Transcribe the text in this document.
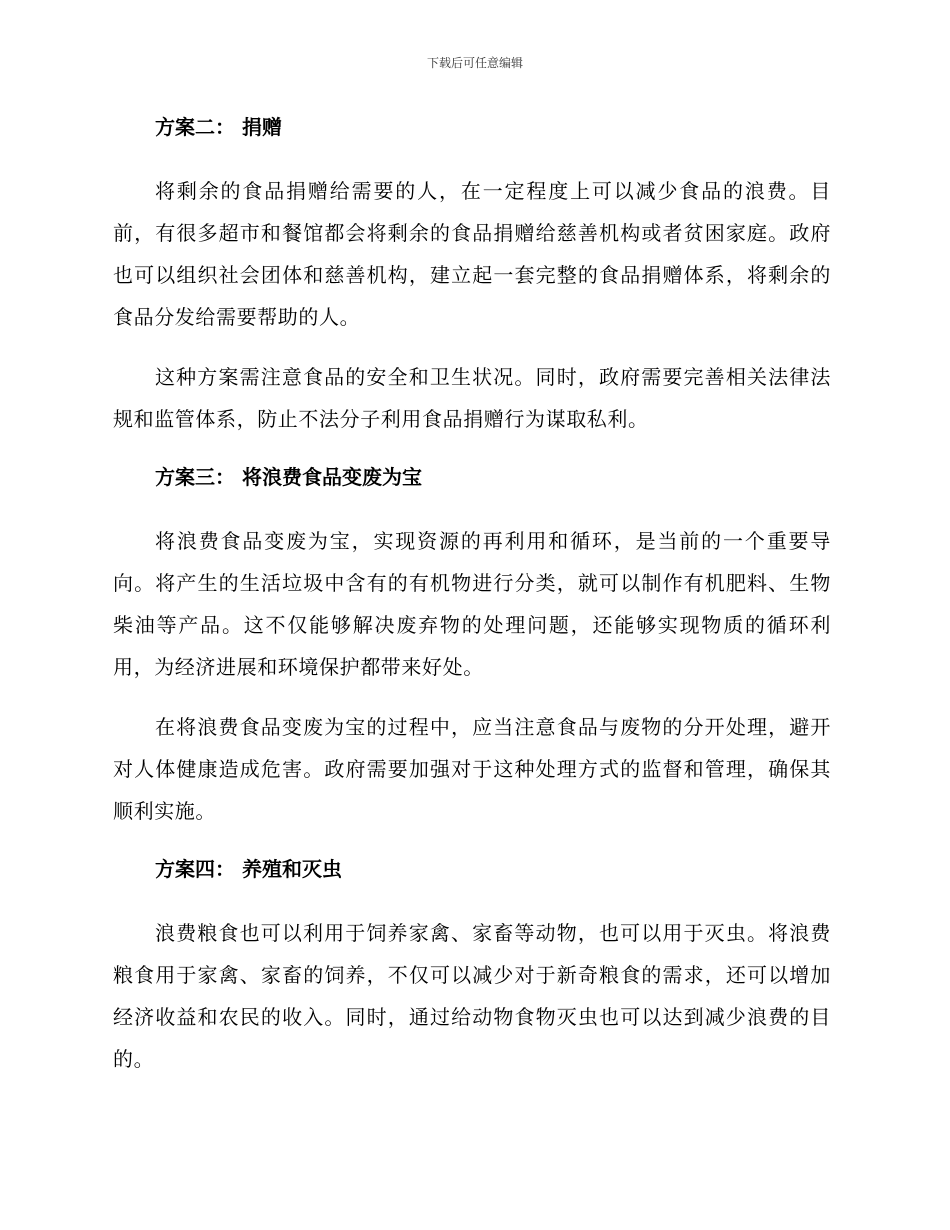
下载后可任意编辑
方案二： 捐赠

将剩余的食品捐赠给需要的人，在一定程度上可以减少食品的浪费。目前，有很多超市和餐馆都会将剩余的食品捐赠给慈善机构或者贫困家庭。政府也可以组织社会团体和慈善机构，建立起一套完整的食品捐赠体系，将剩余的食品分发给需要帮助的人。

这种方案需注意食品的安全和卫生状况。同时，政府需要完善相关法律法规和监管体系，防止不法分子利用食品捐赠行为谋取私利。

方案三： 将浪费食品变废为宝

将浪费食品变废为宝，实现资源的再利用和循环，是当前的一个重要导向。将产生的生活垃圾中含有的有机物进行分类，就可以制作有机肥料、生物柴油等产品。这不仅能够解决废弃物的处理问题，还能够实现物质的循环利用，为经济进展和环境保护都带来好处。

在将浪费食品变废为宝的过程中，应当注意食品与废物的分开处理，避开对人体健康造成危害。政府需要加强对于这种处理方式的监督和管理，确保其顺利实施。

方案四： 养殖和灭虫

浪费粮食也可以利用于饲养家禽、家畜等动物，也可以用于灭虫。将浪费粮食用于家禽、家畜的饲养，不仅可以减少对于新奇粮食的需求，还可以增加经济收益和农民的收入。同时，通过给动物食物灭虫也可以达到减少浪费的目的。
